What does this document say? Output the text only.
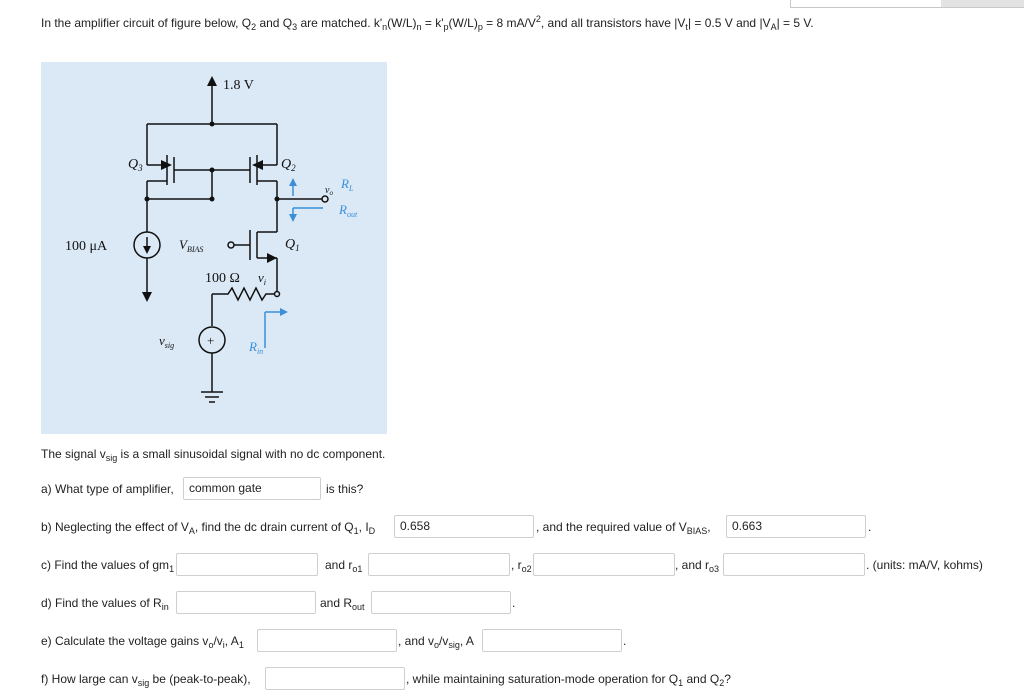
In the amplifier circuit of figure below, $Q_2$ and $Q_3$ are matched. $k'_n(W/L)_n = k'_p(W/L)_p = 8$ $mA/V^2$, and all transistors have $|V_t| = 0.5$ V and $|V_A| = 5$ V.
1.8 V
$Q_3$	$Q_2$
$Q_1$
$R_L$
$v_o$
$R_{out}$
100 μA	$V_{BIAS}$
100 Ω $v_i$
$v_{sig}$	+	$R_{in}$
The signal $v_{sig}$ is a small sinusoidal signal with no dc component.
a) What type of amplifier,	common gate	is this?
b) Neglecting the effect of $V_A$, find the dc drain current of $Q_1$, $I_D$	0.658	, and the required value of $V_{BIAS}$,	0.663	.
c) Find the values of $gm_1$	and $r_{o1}$	, $r_{o2}$	, and $r_{o3}$	. (units: mA/V, kohms)
d) Find the values of $R_{in}$	and $R_{out}$	.
e) Calculate the voltage gains $v_o/v_i$, $A_1$	, and $v_o/v_{sig}$, A	.
f) How large can $v_{sig}$ be (peak-to-peak),	, while maintaining saturation-mode operation for $Q_1$ and $Q_2$?
